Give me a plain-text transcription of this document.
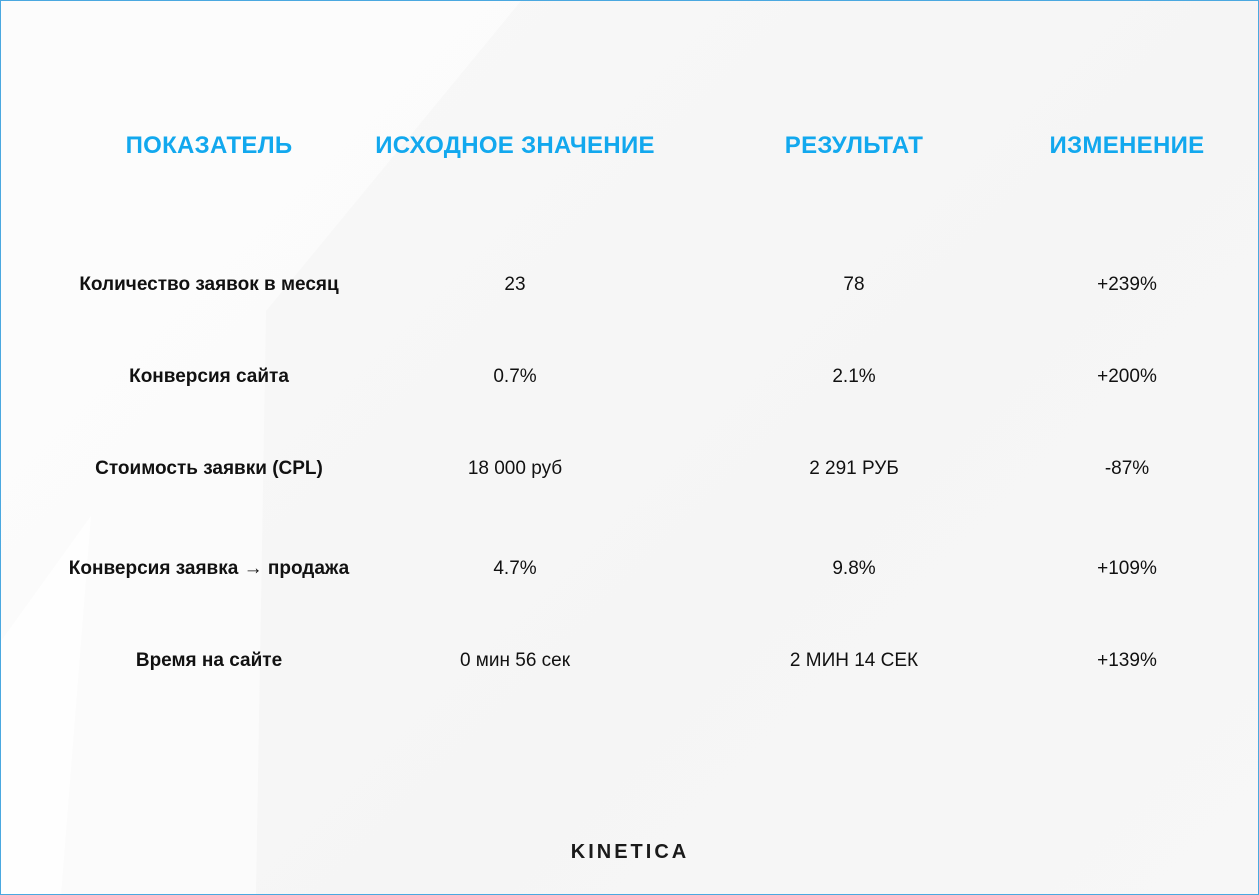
ПОКАЗАТЕЛЬ	ИСХОДНОЕ ЗНАЧЕНИЕ	РЕЗУЛЬТАТ	ИЗМЕНЕНИЕ
Количество заявок в месяц	23	78	+239%
Конверсия сайта	0.7%	2.1%	+200%
Стоимость заявки (CPL)	18 000 руб	2 291 РУБ	-87%
Конверсия заявка → продажа	4.7%	9.8%	+109%
Время на сайте	0 мин 56 сек	2 МИН 14 СЕК	+139%
KINETICA
